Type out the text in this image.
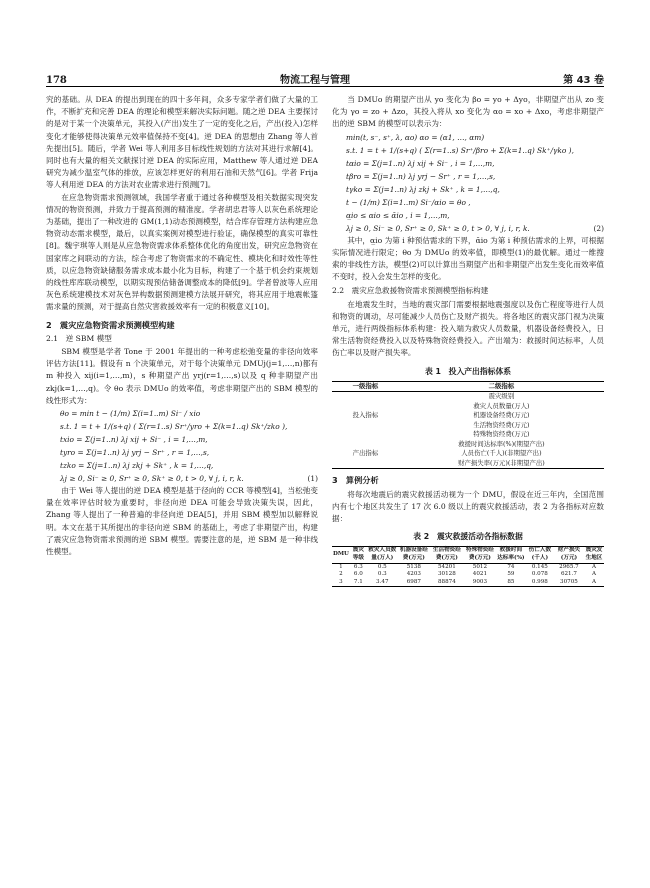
178	物流工程与管理	第 43 卷

究的基础。从 DEA 的提出到现在的四十多年间，众多专家学者们做了大量的工作，不断扩充和完善 DEA 的理论和模型来解决实际问题。随之逆 DEA 主要探讨的是对于某一个决策单元，其投入(产出)发生了一定的变化之后，产出(投入)怎样变化才能够使得决策单元效率值保持不变[4]。逆 DEA 的思想由 Zhang 等人首先提出[5]。随后，学者 Wei 等人利用多目标线性规划的方法对其进行求解[4]。同时也有大量的相关文献探讨逆 DEA 的实际应用，Matthew 等人通过逆 DEA 研究为减少温室气体的排放，应该怎样更好的利用石油和天然气[6]。学者 Frija 等人利用逆 DEA 的方法对农业需求进行预测[7]。

在应急物资需求预测领域，我国学者重于通过各种模型及相关数据实现突发情况的物资预测，并致力于提高预测的精准度。学者胡忠君等人以灰色系统理论为基础，提出了一种改进的 GM(1,1)动态预测模型，结合库存管理方法构建应急物资动态需求模型，最后，以真实案例对模型进行验证，确保模型的真实可靠性[8]。魏宇琪等人则是从应急物资需求体系整体优化的角度出发，研究应急物资在国家库之间联动的方法，综合考虑了物资需求的不确定性、模块化和时效性等性质，以应急物资缺储服务需求成本最小化为目标，构建了一个基于机会约束规划的线性库库联动模型，以期实现预估储备调整成本的降低[9]。学者曾波等人应用灰色系统建模技术对灰色异构数据预测建模方法展开研究，将其应用于地震帐篷需求量的预测，对于提高自然灾害救援效率有一定的积极意义[10]。

2　震灾应急物资需求预测模型构建
2.1　逆 SBM 模型

SBM 模型是学者 Tone 于 2001 年提出的一种考虑松弛变量的非径向效率评估方法[11]。假设有 n 个决策单元，对于每个决策单元 DMUj(j=1,…,n)都有 m 种投入 xij(i=1,…,m)，s 种期望产出 yrj(r=1,…,s)以及 q 种非期望产出 zkj(k=1,…,q)。令 θo 表示 DMUo 的效率值，考虑非期望产出的 SBM 模型的线性形式为：

θo = min t − (1/m) Σ(i=1..m) Si⁻ / xio
s.t. 1 = t + 1/(s+q) ( Σ(r=1..s) Sr⁺/yro + Σ(k=1..q) Sk⁺/zko ),
txio = Σ(j=1..n) λj xij + Si⁻ , i = 1,…,m,
tyro = Σ(j=1..n) λj yrj − Sr⁺ , r = 1,…,s,
tzko = Σ(j=1..n) λj zkj + Sk⁺ , k = 1,…,q,
(1)
λj ≥ 0, Si⁻ ≥ 0, Sr⁺ ≥ 0, Sk⁺ ≥ 0, t > 0, ∀ j, i, r, k.

由于 Wei 等人提出的逆 DEA 模型是基于径向的 CCR 等模型[4]，当松弛变量在效率评估时较为重要时，非径向逆 DEA 可能会导致决策失误，因此，Zhang 等人提出了一种普遍的非径向逆 DEA[5]，并用 SBM 模型加以解释说明。本文在基于其所提出的非径向逆 SBM 的基础上，考虑了非期望产出，构建了震灾应急物资需求预测的逆 SBM 模型。需要注意的是，逆 SBM 是一种非线性模型。

当 DMUo 的期望产出从 yo 变化为 βo = yo + Δyo，非期望产出从 zo 变化为 γo = zo + Δzo，其投入将从 xo 变化为 αo = xo + Δxo，考虑非期望产出的逆 SBM 的模型可以表示为：

min(t, s⁻, s⁺, λ, αo) αo = (α1, …, αm)
s.t. 1 = t + 1/(s+q) ( Σ(r=1..s) Sr⁺/βro + Σ(k=1..q) Sk⁺/γko ),
tαio = Σ(j=1..n) λj xij + Si⁻ , i = 1,…,m,
tβro = Σ(j=1..n) λj yrj − Sr⁺ , r = 1,…,s,
tγko = Σ(j=1..n) λj zkj + Sk⁺ , k = 1,…,q,
t − (1/m) Σ(i=1..m) Si⁻/αio = θo ,
α̲io ≤ αio ≤ ᾱio , i = 1,…,m,
(2)
λj ≥ 0, Si⁻ ≥ 0, Sr⁺ ≥ 0, Sk⁺ ≥ 0, t > 0, ∀ j, i, r, k.

其中，α̲io 为第 i 种预估需求的下界，ᾱio 为第 i 种预估需求的上界，可根据实际情况进行限定；θo 为 DMUo 的效率值，即模型(1)的最优解。通过一维搜索的非线性方法，模型(2)可以计算出当期望产出和非期望产出发生变化而效率值不变时，投入会发生怎样的变化。

2.2　震灾应急救援物资需求预测模型指标构建

在地震发生时，当地的震灾部门需要根据地震强度以及伤亡程度等进行人员和物资的调动，尽可能减少人员伤亡及财产损失。将各地区的震灾部门视为决策单元，进行两级指标体系构建：投入端为救灾人员数量，机器设备经费投入，日常生活物资经费投入以及特殊物资经费投入。产出端为：救援时间达标率，人员伤亡率以及财产损失率。

表 1　投入产出指标体系
一级指标	二级指标
投入指标	震灾级别
	救灾人员数量(万人)
	机器设备经费(万元)
	生活物资经费(万元)
	特殊物资经费(万元)
产出指标	救援时间达标率(%)(期望产出)
	人员伤亡(千人)(非期望产出)
	财产损失率(万元)(非期望产出)
3　算例分析

将每次地震后的震灾救援活动视为一个 DMU，假设在近三年内，全国范围内有七个地区共发生了 17 次 6.0 级以上的震灾救援活动，表 2 为各指标对应数据：

表 2　震灾救援活动各指标数据
DMU	震灾等级	救灾人员数量(万人)	机器设备经费(万元)	生活物资经费(万元)	特殊物资经费(万元)	救援时间达标率(%)	伤亡人数(千人)	财产损失(万元)	震灾发生地区
1	6.3	0.5	5138	54201	5012	74	0.145	2965.7	A
2	6.0	0.3	4203	30128	4021	59	0.078	621.7	A
3	7.1	3.47	6987	88874	9003	85	0.998	30705	A
